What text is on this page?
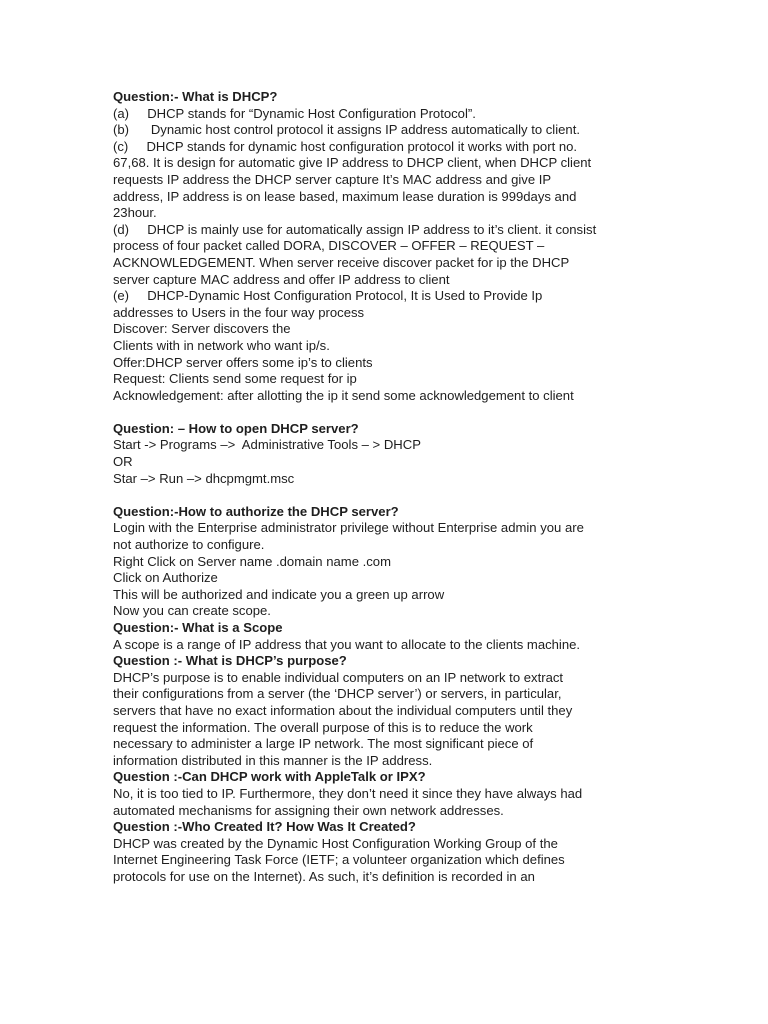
Question:- What is DHCP?
(a)     DHCP stands for “Dynamic Host Configuration Protocol”.
(b)      Dynamic host control protocol it assigns IP address automatically to client.
(c)     DHCP stands for dynamic host configuration protocol it works with port no.
67,68. It is design for automatic give IP address to DHCP client, when DHCP client
requests IP address the DHCP server capture It’s MAC address and give IP
address, IP address is on lease based, maximum lease duration is 999days and
23hour.
(d)     DHCP is mainly use for automatically assign IP address to it’s client. it consist
process of four packet called DORA, DISCOVER – OFFER – REQUEST –
ACKNOWLEDGEMENT. When server receive discover packet for ip the DHCP
server capture MAC address and offer IP address to client
(e)     DHCP-Dynamic Host Configuration Protocol, It is Used to Provide Ip
addresses to Users in the four way process
Discover: Server discovers the
Clients with in network who want ip/s.
Offer:DHCP server offers some ip’s to clients
Request: Clients send some request for ip
Acknowledgement: after allotting the ip it send some acknowledgement to client
Question: – How to open DHCP server?
Start -> Programs –>  Administrative Tools – > DHCP
OR
Star –> Run –> dhcpmgmt.msc
Question:-How to authorize the DHCP server?
Login with the Enterprise administrator privilege without Enterprise admin you are
not authorize to configure.
Right Click on Server name .domain name .com
Click on Authorize
This will be authorized and indicate you a green up arrow
Now you can create scope.
Question:- What is a Scope
A scope is a range of IP address that you want to allocate to the clients machine.
Question :- What is DHCP’s purpose?
DHCP’s purpose is to enable individual computers on an IP network to extract
their configurations from a server (the ‘DHCP server’) or servers, in particular,
servers that have no exact information about the individual computers until they
request the information. The overall purpose of this is to reduce the work
necessary to administer a large IP network. The most significant piece of
information distributed in this manner is the IP address.
Question :-Can DHCP work with AppleTalk or IPX?
No, it is too tied to IP. Furthermore, they don’t need it since they have always had
automated mechanisms for assigning their own network addresses.
Question :-Who Created It? How Was It Created?
DHCP was created by the Dynamic Host Configuration Working Group of the
Internet Engineering Task Force (IETF; a volunteer organization which defines
protocols for use on the Internet). As such, it’s definition is recorded in an
